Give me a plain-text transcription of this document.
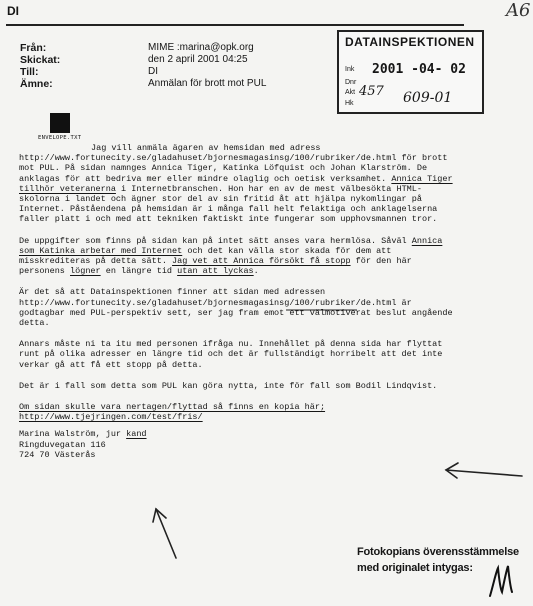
DI	A6
Från:	MIME :marina@opk.org
Skickat:	den 2 april 2001 04:25
Till:	DI
Ämne:	Anmälan för brott mot PUL
DATAINSPEKTIONEN
Ink
Dnr
Akt
Hk
2001 -04- 02
457 609-01
ENVELOPE.TXT

Jag vill anmäla ägaren av hemsidan med adress http://www.fortunecity.se/gladahuset/bjornesmagasinsg/100/rubriker/de.html för brott mot PUL. På sidan namnges Annica Tiger, Katinka Löfquist och Johan Klarström. De anklagas för att bedriva mer eller mindre olaglig och oetisk verksamhet. Annica Tiger tillhör veteranerna i Internetbranschen. Hon har en av de mest välbesökta HTML-skolorna i landet och ägner stor del av sin fritid åt att hjälpa nykomlingar på Internet. Påståendena på hemsidan är i många fall helt felaktiga och anklagelserna faller platt i och med att tekniken faktiskt inte fungerar som upphovsmannen tror.

De uppgifter som finns på sidan kan på intet sätt anses vara hermlösa. Såväl Annica som Katinka arbetar med Internet och det kan välla stor skada för dem att misskrediteras på detta sätt. Jag vet att Annica försökt få stopp för den här personens lögner en längre tid utan att lyckas.

Är det så att Datainspektionen finner att sidan med adressen http://www.fortunecity.se/gladahuset/bjornesmagasinsg/100/rubriker/de.html är godtagbar med PUL-perspektiv sett, ser jag fram emot ett välmotiverat beslut angående detta.

Annars måste ni ta itu med personen ifråga nu. Innehållet på denna sida har flyttat runt på olika adresser en längre tid och det är fullständigt horribelt att det inte verkar gå att få ett stopp på detta.

Det är i fall som detta som PUL kan göra nytta, inte för fall som Bodil Lindqvist.

Om sidan skulle vara nertagen/flyttad så finns en kopia här; http://www.tjejringen.com/test/fris/

Marina Walström, jur kand
Ringduvegatan 116
724 70 Västerås
Fotokopians överensstämmelse
med originalet intygas:
